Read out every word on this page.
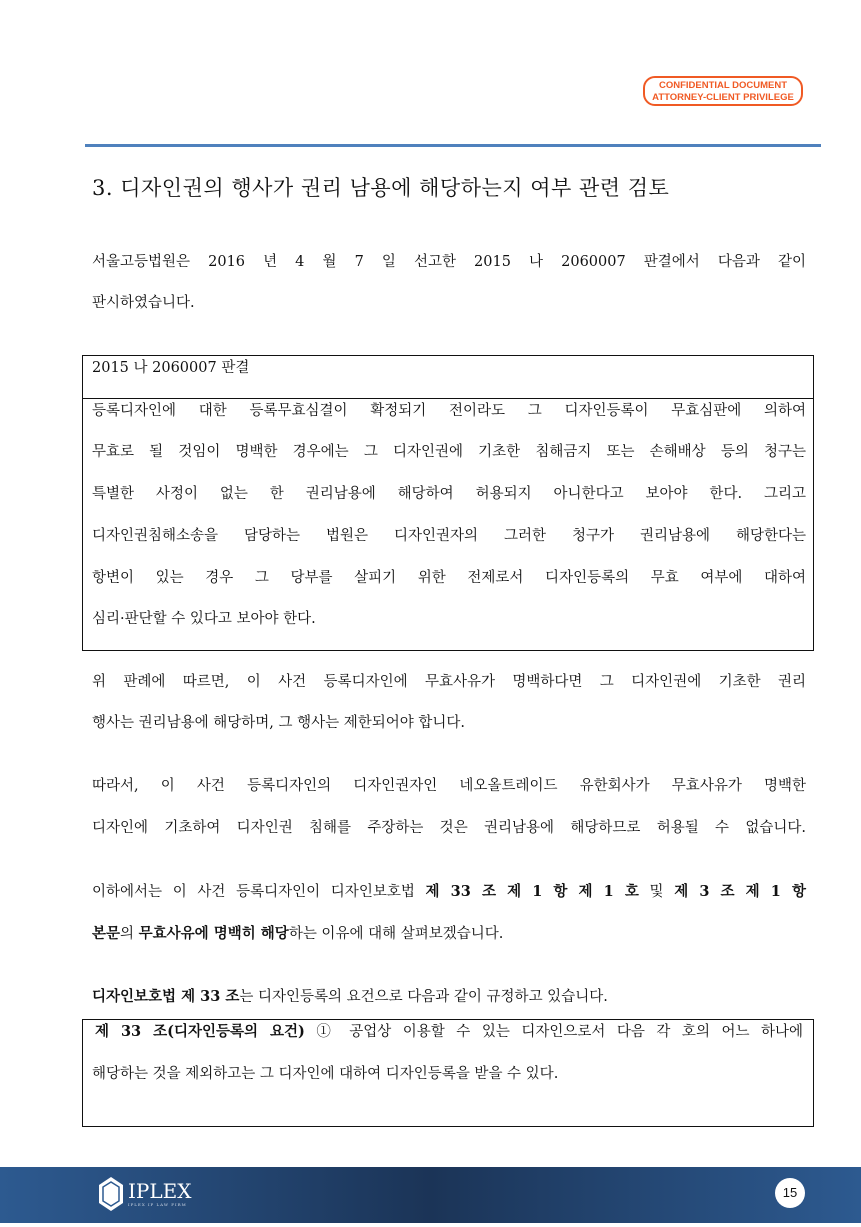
CONFIDENTIAL DOCUMENT
ATTORNEY-CLIENT PRIVILEGE
3. 디자인권의 행사가 권리 남용에 해당하는지 여부 관련 검토
서울고등법원은 2016 년 4 월 7 일 선고한 2015 나 2060007 판결에서 다음과 같이
판시하였습니다.
2015 나 2060007 판결
등록디자인에 대한 등록무효심결이 확정되기 전이라도 그 디자인등록이 무효심판에 의하여
무효로 될 것임이 명백한 경우에는 그 디자인권에 기초한 침해금지 또는 손해배상 등의 청구는
특별한 사정이 없는 한 권리남용에 해당하여 허용되지 아니한다고 보아야 한다. 그리고
디자인권침해소송을 담당하는 법원은 디자인권자의 그러한 청구가 권리남용에 해당한다는
항변이 있는 경우 그 당부를 살피기 위한 전제로서 디자인등록의 무효 여부에 대하여
심리·판단할 수 있다고 보아야 한다.
위 판례에 따르면, 이 사건 등록디자인에 무효사유가 명백하다면 그 디자인권에 기초한 권리
행사는 권리남용에 해당하며, 그 행사는 제한되어야 합니다.
따라서, 이 사건 등록디자인의 디자인권자인 네오올트레이드 유한회사가 무효사유가 명백한
디자인에 기초하여 디자인권 침해를 주장하는 것은 권리남용에 해당하므로 허용될 수 없습니다.
이하에서는 이 사건 등록디자인이 디자인보호법 제 33 조 제 1 항 제 1 호 및 제 3 조 제 1 항
본문의 무효사유에 명백히 해당하는 이유에 대해 살펴보겠습니다.
디자인보호법 제 33 조는 디자인등록의 요건으로 다음과 같이 규정하고 있습니다.
제 33 조(디자인등록의 요건) ① 공업상 이용할 수 있는 디자인으로서 다음 각 호의 어느 하나에
해당하는 것을 제외하고는 그 디자인에 대하여 디자인등록을 받을 수 있다.
IPLEX
IPLEX IP LAW FIRM
15
